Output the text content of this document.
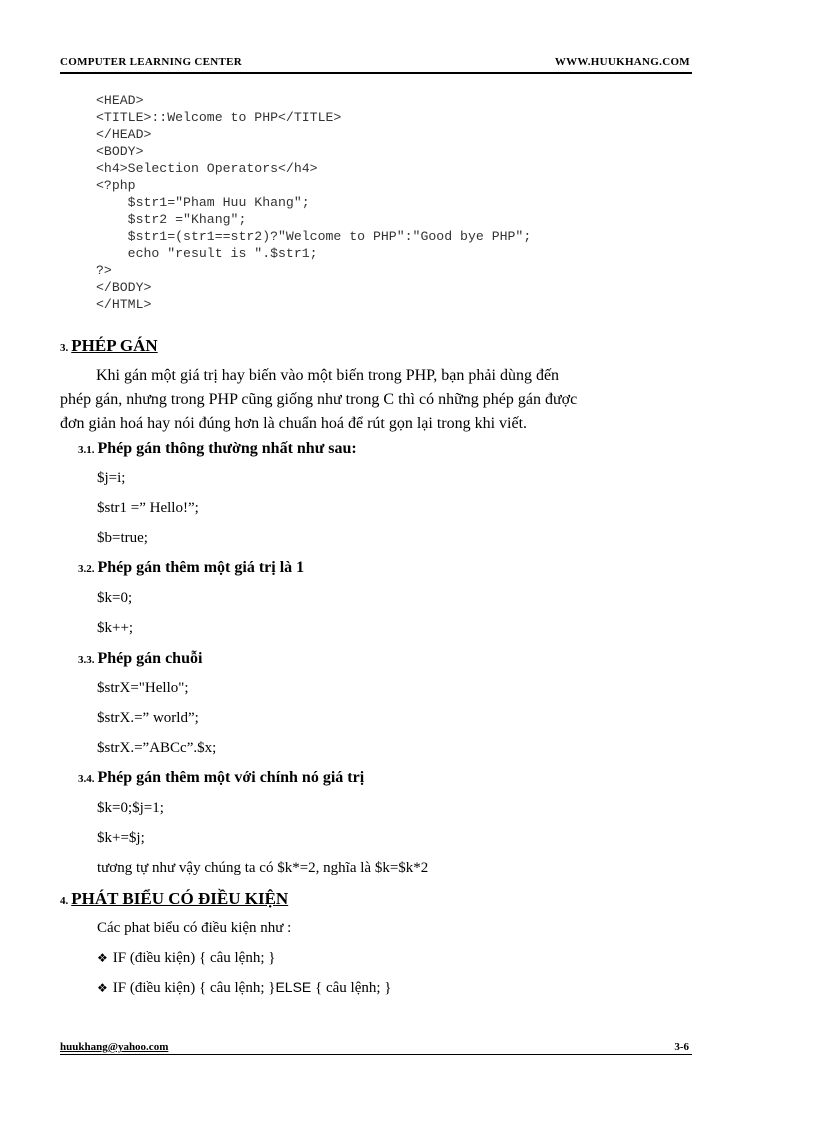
COMPUTER LEARNING CENTER	WWW.HUUKHANG.COM
<HEAD>
<TITLE>::Welcome to PHP</TITLE>
</HEAD>
<BODY>
<h4>Selection Operators</h4>
<?php
$str1="Pham Huu Khang";
$str2 ="Khang";
$str1=(str1==str2)?"Welcome to PHP":"Good bye PHP";
echo "result is ".$str1;
?>
</BODY>
</HTML>
3. PHÉP GÁN
Khi gán một giá trị hay biến vào một biến trong PHP, bạn phải dùng đến
phép gán, nhưng trong PHP cũng giống như trong C thì có những phép gán được
đơn giản hoá hay nói đúng hơn là chuẩn hoá để rút gọn lại trong khi viết.
3.1. Phép gán thông thường nhất như sau:
$j=i;
$str1 =” Hello!”;
$b=true;
3.2. Phép gán thêm một giá trị là 1
$k=0;
$k++;
3.3. Phép gán chuỗi
$strX="Hello";
$strX.=” world”;
$strX.=”ABCc”.$x;
3.4. Phép gán thêm một với chính nó giá trị
$k=0;$j=1;
$k+=$j;
tương tự như vậy chúng ta có $k*=2, nghĩa là $k=$k*2
4. PHÁT BIỂU CÓ ĐIỀU KIỆN
Các phat biểu có điều kiện như :
❖ IF (điều kiện) { câu lệnh; }
❖ IF (điều kiện) { câu lệnh; }ELSE { câu lệnh; }
huukhang@yahoo.com	3-6
